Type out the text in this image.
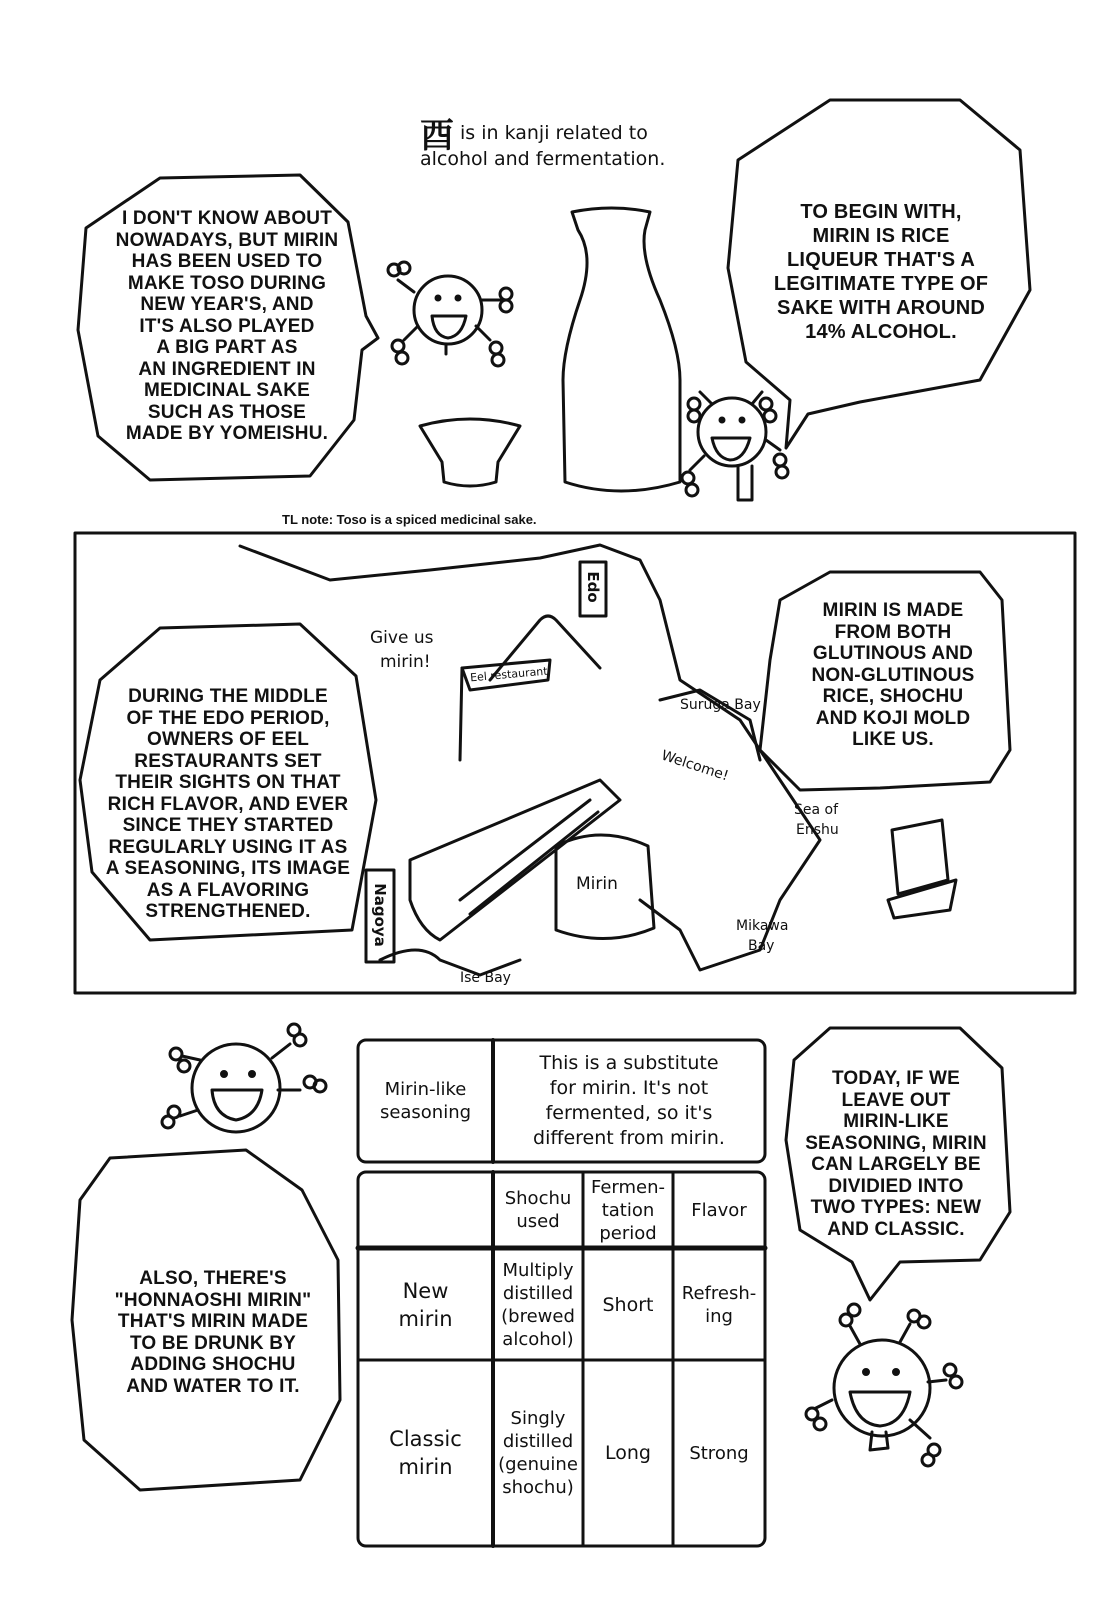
酉 is in kanji related to
alcohol and fermentation.
I DON'T KNOW ABOUT
NOWADAYS, BUT MIRIN
HAS BEEN USED TO
MAKE TOSO DURING
NEW YEAR'S, AND
IT'S ALSO PLAYED
A BIG PART AS
AN INGREDIENT IN
MEDICINAL SAKE
SUCH AS THOSE
MADE BY YOMEISHU.
TO BEGIN WITH,
MIRIN IS RICE
LIQUEUR THAT'S A
LEGITIMATE TYPE OF
SAKE WITH AROUND
14% ALCOHOL.
TL note: Toso is a spiced medicinal sake.
Edo
Nagoya
Give us
mirin!
Eel restaurant
Suruga Bay
Welcome!
Sea of
Enshu
Mirin
Mikawa
Bay
Ise Bay
DURING THE MIDDLE
OF THE EDO PERIOD,
OWNERS OF EEL
RESTAURANTS SET
THEIR SIGHTS ON THAT
RICH FLAVOR, AND EVER
SINCE THEY STARTED
REGULARLY USING IT AS
A SEASONING, ITS IMAGE
AS A FLAVORING
STRENGTHENED.
MIRIN IS MADE
FROM BOTH
GLUTINOUS AND
NON-GLUTINOUS
RICE, SHOCHU
AND KOJI MOLD
LIKE US.
Mirin-like
seasoning
This is a substitute
for mirin. It's not
fermented, so it's
different from mirin.
Shochu
used
Fermen-
tation
period
Flavor
New
mirin
Multiply
distilled
(brewed
alcohol)
Short Refresh-
ing
Classic
mirin
Singly
distilled
(genuine
shochu)
Long Strong
TODAY, IF WE
LEAVE OUT
MIRIN-LIKE
SEASONING, MIRIN
CAN LARGELY BE
DIVIDIED INTO
TWO TYPES: NEW
AND CLASSIC.
ALSO, THERE'S
"HONNAOSHI MIRIN"
THAT'S MIRIN MADE
TO BE DRUNK BY
ADDING SHOCHU
AND WATER TO IT.
